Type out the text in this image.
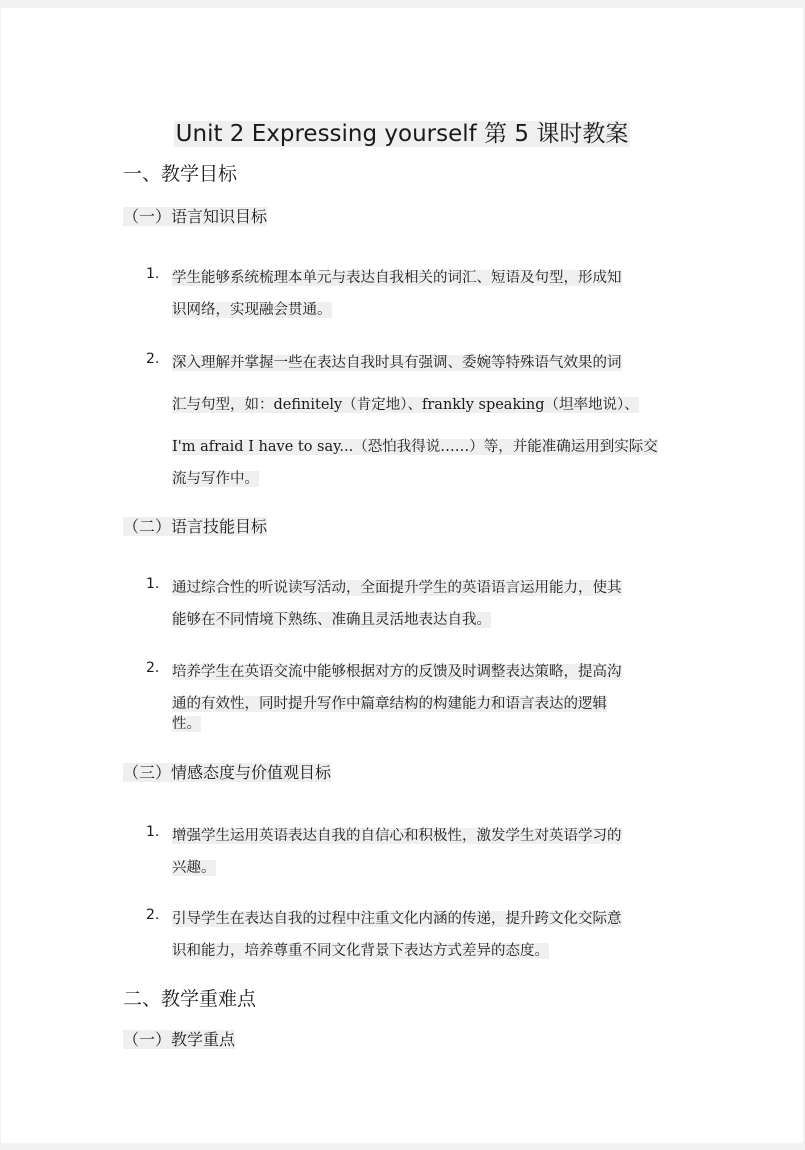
Unit 2 Expressing yourself 第 5 课时教案
一、教学目标
（一）语言知识目标
1. 学生能够系统梳理本单元与表达自我相关的词汇、短语及句型，形成知
识网络，实现融会贯通。
2. 深入理解并掌握一些在表达自我时具有强调、委婉等特殊语气效果的词
汇与句型，如：definitely（肯定地）、frankly speaking（坦率地说）、
I'm afraid I have to say...（恐怕我得说……）等，并能准确运用到实际交
流与写作中。
（二）语言技能目标
1. 通过综合性的听说读写活动，全面提升学生的英语语言运用能力，使其
能够在不同情境下熟练、准确且灵活地表达自我。
2. 培养学生在英语交流中能够根据对方的反馈及时调整表达策略，提高沟
通的有效性，同时提升写作中篇章结构的构建能力和语言表达的逻辑
性。
（三）情感态度与价值观目标
1. 增强学生运用英语表达自我的自信心和积极性，激发学生对英语学习的
兴趣。
2. 引导学生在表达自我的过程中注重文化内涵的传递，提升跨文化交际意
识和能力，培养尊重不同文化背景下表达方式差异的态度。
二、教学重难点
（一）教学重点
